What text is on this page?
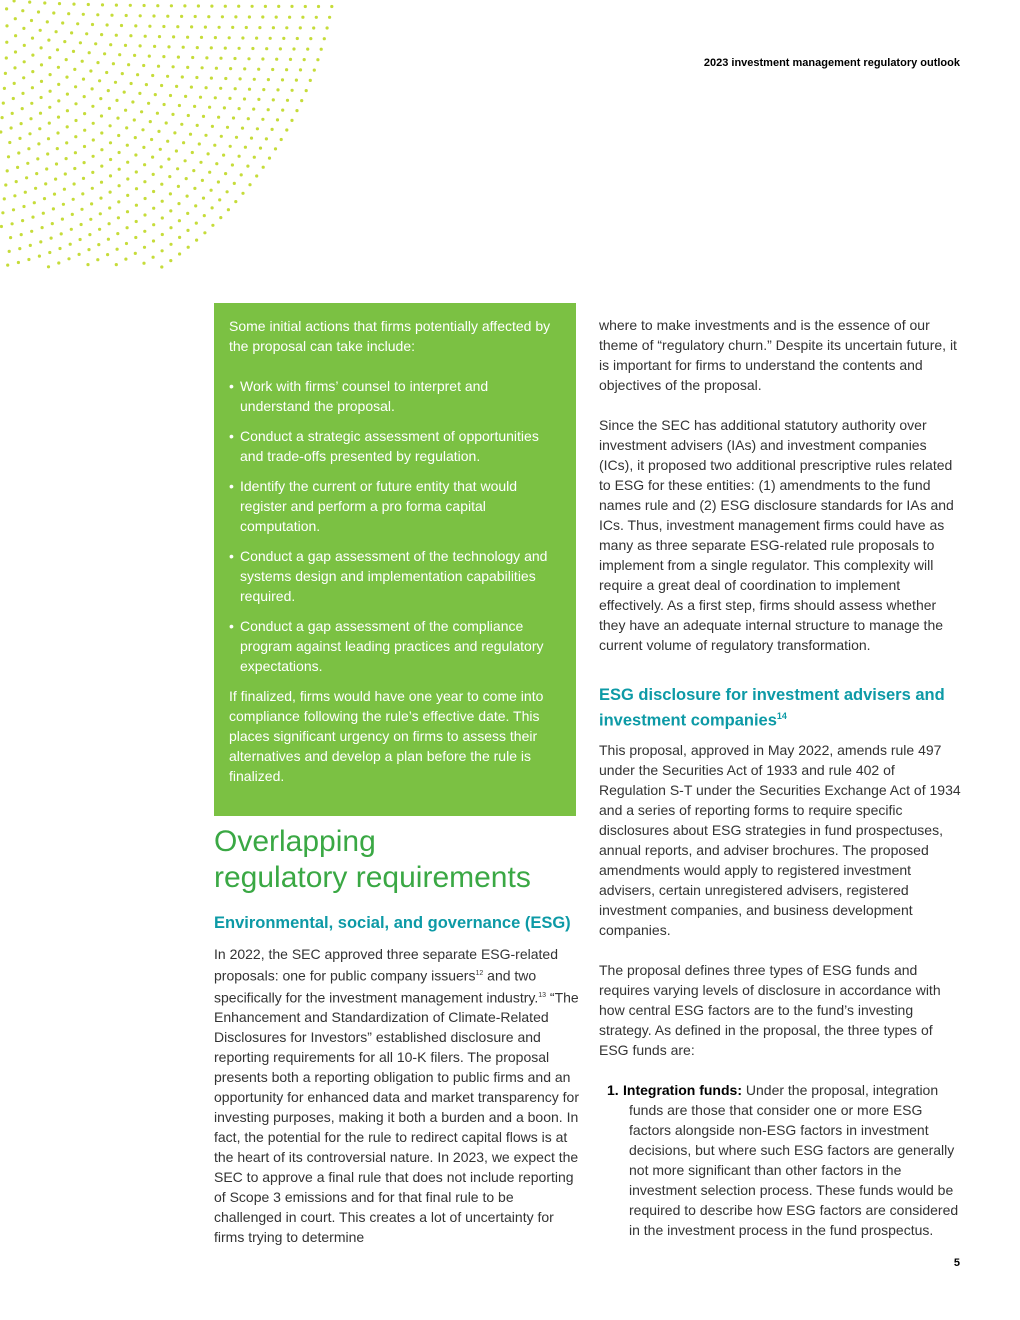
2023 investment management regulatory outlook

Some initial actions that firms potentially affected by the proposal can take include:

• Work with firms’ counsel to interpret and understand the proposal.
• Conduct a strategic assessment of opportunities and trade-offs presented by regulation.
• Identify the current or future entity that would register and perform a pro forma capital computation.
• Conduct a gap assessment of the technology and systems design and implementation capabilities required.
• Conduct a gap assessment of the compliance program against leading practices and regulatory expectations.

If finalized, firms would have one year to come into compliance following the rule’s effective date. This places significant urgency on firms to assess their alternatives and develop a plan before the rule is finalized.

Overlapping
regulatory requirements
Environmental, social, and governance (ESG)

In 2022, the SEC approved three separate ESG-related proposals: one for public company issuers$^{12}$ and two specifically for the investment management industry.$^{13}$ “The Enhancement and Standardization of Climate-Related Disclosures for Investors” established disclosure and reporting requirements for all 10-K filers. The proposal presents both a reporting obligation to public firms and an opportunity for enhanced data and market transparency for investing purposes, making it both a burden and a boon. In fact, the potential for the rule to redirect capital flows is at the heart of its controversial nature. In 2023, we expect the SEC to approve a final rule that does not include reporting of Scope 3 emissions and for that final rule to be challenged in court. This creates a lot of uncertainty for firms trying to determine

where to make investments and is the essence of our theme of “regulatory churn.” Despite its uncertain future, it is important for firms to understand the contents and objectives of the proposal.

Since the SEC has additional statutory authority over investment advisers (IAs) and investment companies (ICs), it proposed two additional prescriptive rules related to ESG for these entities: (1) amendments to the fund names rule and (2) ESG disclosure standards for IAs and ICs. Thus, investment management firms could have as many as three separate ESG-related rule proposals to implement from a single regulator. This complexity will require a great deal of coordination to implement effectively. As a first step, firms should assess whether they have an adequate internal structure to manage the current volume of regulatory transformation.

ESG disclosure for investment advisers and investment companies$^{14}$

This proposal, approved in May 2022, amends rule 497 under the Securities Act of 1933 and rule 402 of Regulation S-T under the Securities Exchange Act of 1934 and a series of reporting forms to require specific disclosures about ESG strategies in fund prospectuses, annual reports, and adviser brochures. The proposed amendments would apply to registered investment advisers, certain unregistered advisers, registered investment companies, and business development companies.

The proposal defines three types of ESG funds and requires varying levels of disclosure in accordance with how central ESG factors are to the fund’s investing strategy. As defined in the proposal, the three types of ESG funds are:

1. Integration funds: Under the proposal, integration funds are those that consider one or more ESG factors alongside non-ESG factors in investment decisions, but where such ESG factors are generally not more significant than other factors in the investment selection process. These funds would be required to describe how ESG factors are considered in the investment process in the fund prospectus.
5
